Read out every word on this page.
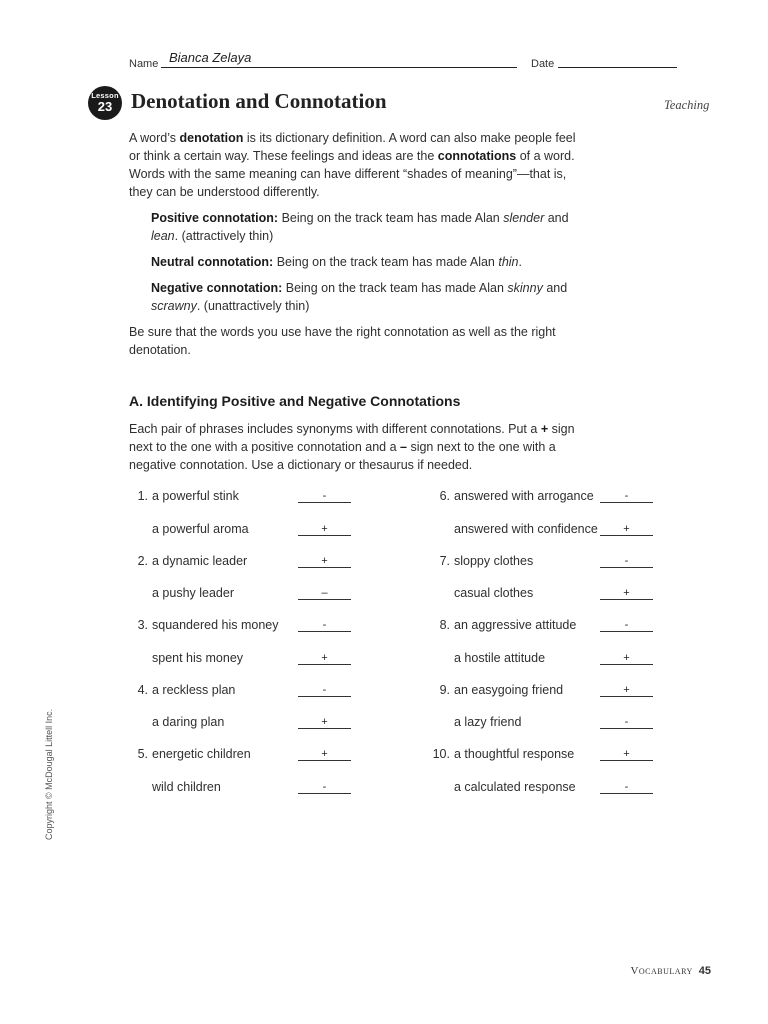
Name Bianca Zelaya	Date
Lesson
23 Denotation and Connotation	Teaching
A word’s denotation is its dictionary definition. A word can also make people feel or think a certain way. These feelings and ideas are the connotations of a word. Words with the same meaning can have different “shades of meaning”—that is, they can be understood differently.
Positive connotation: Being on the track team has made Alan slender and lean. (attractively thin)
Neutral connotation: Being on the track team has made Alan thin.
Negative connotation: Being on the track team has made Alan skinny and scrawny. (unattractively thin)
Be sure that the words you use have the right connotation as well as the right denotation.
A. Identifying Positive and Negative Connotations
Each pair of phrases includes synonyms with different connotations. Put a + sign next to the one with a positive connotation and a – sign next to the one with a negative connotation. Use a dictionary or thesaurus if needed.
1. a powerful stink	-
a powerful aroma	+
2. a dynamic leader	+
a pushy leader	–
3. squandered his money	-
spent his money	+
4. a reckless plan	-
a daring plan	+
5. energetic children	+
wild children	-
6. answered with arrogance	-
answered with confidence	+
7. sloppy clothes	-
casual clothes	+
8. an aggressive attitude	-
a hostile attitude	+
9. an easygoing friend	+
a lazy friend	-
10. a thoughtful response	+
a calculated response	-
Copyright © McDougal Littell Inc.
Vocabulary 45
